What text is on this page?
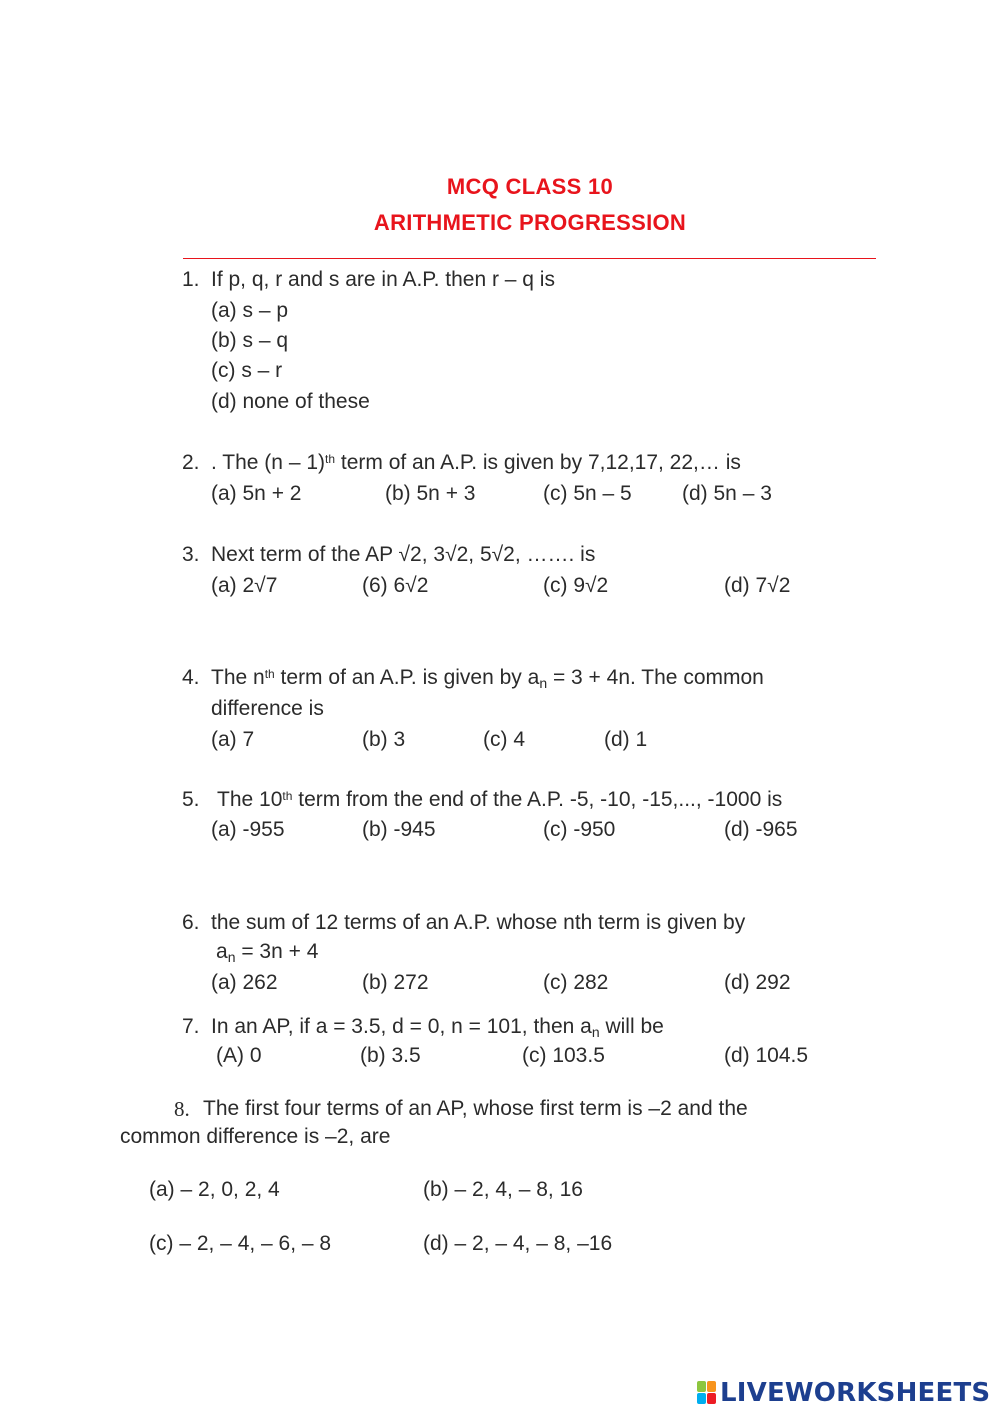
MCQ CLASS 10
ARITHMETIC PROGRESSION
1. If p, q, r and s are in A.P. then r – q is
(a) s – p
(b) s – q
(c) s – r
(d) none of these
2. . The (n – 1)$^{th}$ term of an A.P. is given by 7,12,17, 22,… is
(a) 5n + 2	(b) 5n + 3	(c) 5n – 5 (d) 5n – 3
3. Next term of the AP √2, 3√2, 5√2, ……. is
(a) 2√7	(6) 6√2	(c) 9√2	(d) 7√2
4. The $n^{th}$ term of an A.P. is given by an = 3 + 4n. The common
difference is
(a) 7	(b) 3	(c) 4	(d) 1
5. The 10th term from the end of the A.P. -5, -10, -15,..., -1000 is
(a) -955	(b) -945	(c) -950	(d) -965
6. the sum of 12 terms of an A.P. whose nth term is given by
an = 3n + 4
(a) 262	(b) 272	(c) 282	(d) 292
7. In an AP, if a = 3.5, d = 0, n = 101, then an will be
(A) 0	(b) 3.5	(c) 103.5	(d) 104.5
8. The first four terms of an AP, whose first term is –2 and the
common difference is –2, are
(a) – 2, 0, 2, 4	(b) – 2, 4, – 8, 16
(c) – 2, – 4, – 6, – 8	(d) – 2, – 4, – 8, –16
LIVEWORKSHEETS
